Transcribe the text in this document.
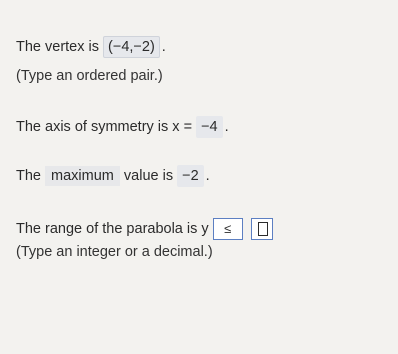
The vertex is (−4,−2) .
(Type an ordered pair.)
The axis of symmetry is x = −4 .
The maximum value is −2 .
The range of the parabola is y ≤
(Type an integer or a decimal.)
